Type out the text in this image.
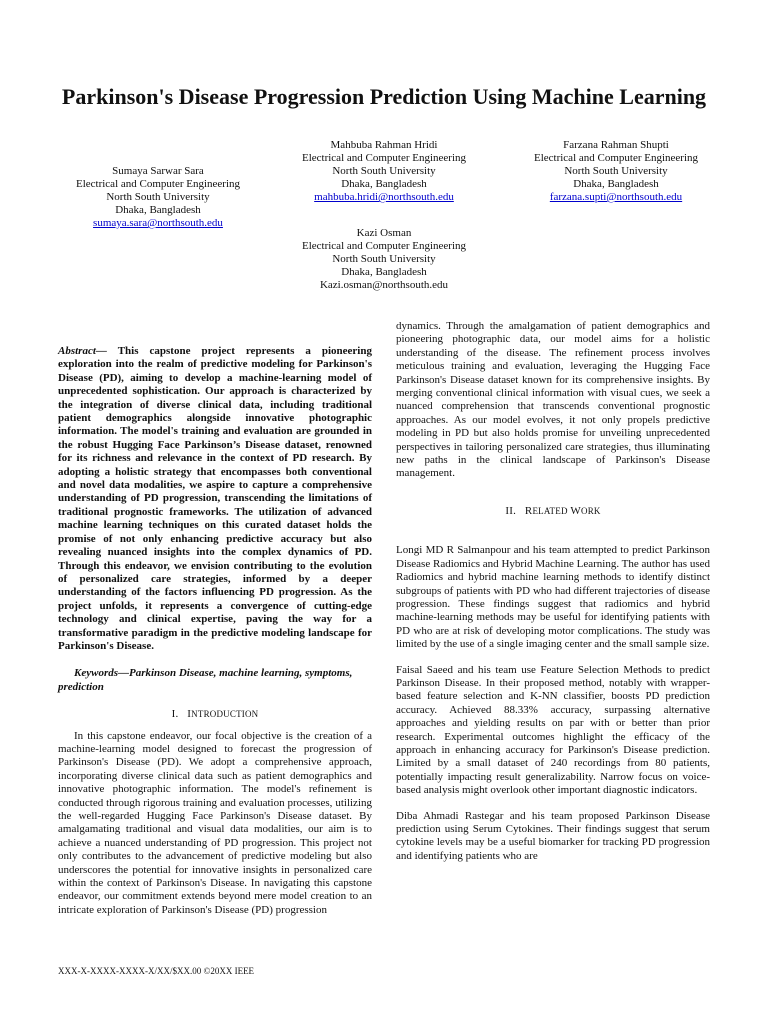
Parkinson's Disease Progression Prediction Using Machine Learning
Sumaya Sarwar Sara
Electrical and Computer Engineering
North South University
Dhaka, Bangladesh
sumaya.sara@northsouth.edu
Mahbuba Rahman Hridi
Electrical and Computer Engineering
North South University
Dhaka, Bangladesh
mahbuba.hridi@northsouth.edu
Farzana Rahman Shupti
Electrical and Computer Engineering
North South University
Dhaka, Bangladesh
farzana.supti@northsouth.edu
Kazi Osman
Electrical and Computer Engineering
North South University
Dhaka, Bangladesh
Kazi.osman@northsouth.edu

Abstract— This capstone project represents a pioneering exploration into the realm of predictive modeling for Parkinson's Disease (PD), aiming to develop a machine-learning model of unprecedented sophistication. Our approach is characterized by the integration of diverse clinical data, including traditional patient demographics alongside innovative photographic information. The model's training and evaluation are grounded in the robust Hugging Face Parkinson’s Disease dataset, renowned for its richness and relevance in the context of PD research. By adopting a holistic strategy that encompasses both conventional and novel data modalities, we aspire to capture a comprehensive understanding of PD progression, transcending the limitations of traditional prognostic frameworks. The utilization of advanced machine learning techniques on this curated dataset holds the promise of not only enhancing predictive accuracy but also revealing nuanced insights into the complex dynamics of PD. Through this endeavor, we envision contributing to the evolution of personalized care strategies, informed by a deeper understanding of the factors influencing PD progression. As the project unfolds, it represents a convergence of cutting-edge technology and clinical expertise, paving the way for a transformative paradigm in the predictive modeling landscape for Parkinson's Disease.

Keywords—Parkinson Disease, machine learning, symptoms, prediction

I. INTRODUCTION

In this capstone endeavor, our focal objective is the creation of a machine-learning model designed to forecast the progression of Parkinson's Disease (PD). We adopt a comprehensive approach, incorporating diverse clinical data such as patient demographics and innovative photographic information. The model's refinement is conducted through rigorous training and evaluation processes, utilizing the well-regarded Hugging Face Parkinson's Disease dataset. By amalgamating traditional and visual data modalities, our aim is to achieve a nuanced understanding of PD progression. This project not only contributes to the advancement of predictive modeling but also underscores the potential for innovative insights in personalized care within the context of Parkinson's Disease. In navigating this capstone endeavor, our commitment extends beyond mere model creation to an intricate exploration of Parkinson's Disease (PD) progression

dynamics. Through the amalgamation of patient demographics and pioneering photographic data, our model aims for a holistic understanding of the disease. The refinement process involves meticulous training and evaluation, leveraging the Hugging Face Parkinson's Disease dataset known for its comprehensive insights. By merging conventional clinical information with visual cues, we seek a nuanced comprehension that transcends conventional prognostic approaches. As our model evolves, it not only propels predictive modeling in PD but also holds promise for unveiling unprecedented perspectives in tailoring personalized care strategies, thus illuminating new paths in the clinical landscape of Parkinson's Disease management.

II. RELATED WORK

Longi MD R Salmanpour and his team attempted to predict Parkinson Disease Radiomics and Hybrid Machine Learning. The author has used Radiomics and hybrid machine learning methods to identify distinct subgroups of patients with PD who had different trajectories of disease progression. These findings suggest that radiomics and hybrid machine-learning methods may be useful for identifying patients with PD who are at risk of developing motor complications. The study was limited by the use of a single imaging center and the small sample size.

Faisal Saeed and his team use Feature Selection Methods to predict Parkinson Disease. In their proposed method, notably with wrapper-based feature selection and K-NN classifier, boosts PD prediction accuracy. Achieved 88.33% accuracy, surpassing alternative approaches and yielding results on par with or better than prior research. Experimental outcomes highlight the efficacy of the approach in enhancing accuracy for Parkinson's Disease prediction. Limited by a small dataset of 240 recordings from 80 patients, potentially impacting result generalizability. Narrow focus on voice-based analysis might overlook other important diagnostic indicators.

Diba Ahmadi Rastegar and his team proposed Parkinson Disease prediction using Serum Cytokines. Their findings suggest that serum cytokine levels may be a useful biomarker for tracking PD progression and identifying patients who are

XXX-X-XXXX-XXXX-X/XX/$XX.00 ©20XX IEEE
